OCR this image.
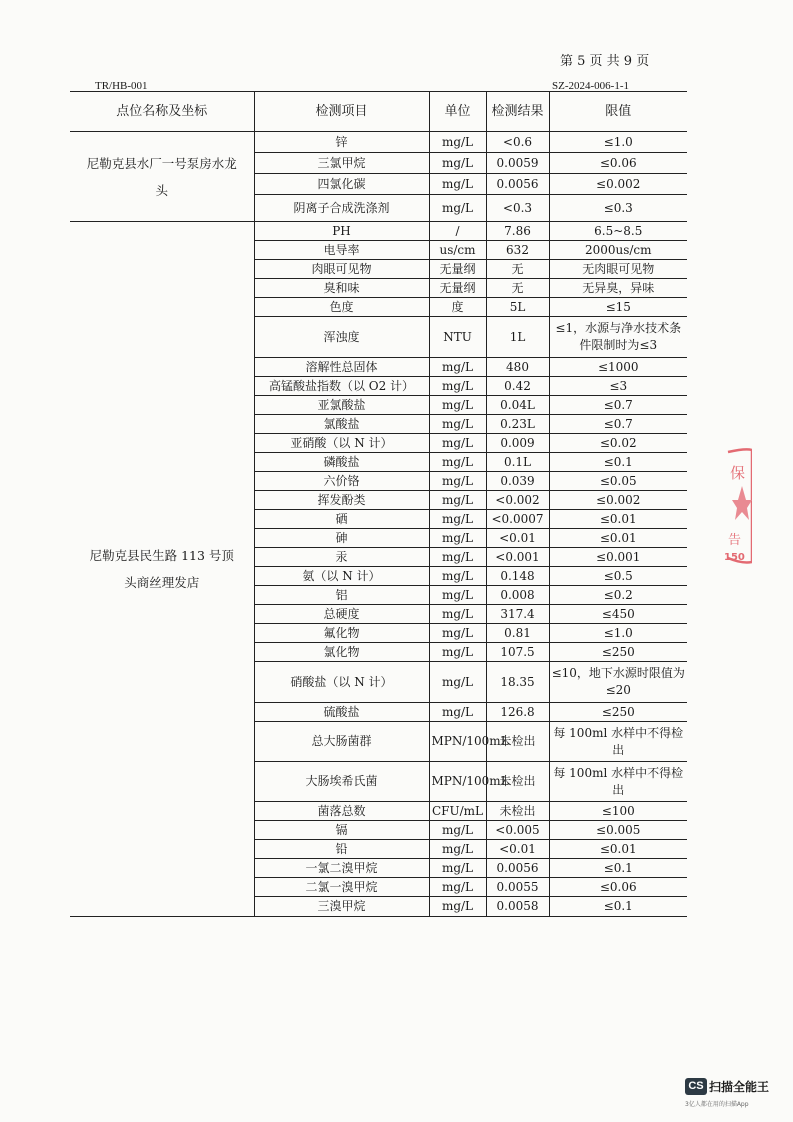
第 5 页 共 9 页
TR/HB-001	SZ-2024-006-1-1
点位名称及坐标	检测项目	单位	检测结果	限值
尼勒克县水厂一号泵房水龙头	锌	mg/L	<0.6	≤1.0
	三氯甲烷	mg/L	0.0059	≤0.06
	四氯化碳	mg/L	0.0056	≤0.002
	阴离子合成洗涤剂	mg/L	<0.3	≤0.3
尼勒克县民生路 113 号顶头商丝理发店	PH	/	7.86	6.5~8.5
	电导率	us/cm	632	2000us/cm
	肉眼可见物	无量纲	无	无肉眼可见物
	臭和味	无量纲	无	无异臭，异味
	色度	度	5L	≤15
	浑浊度	NTU	1L	≤1，水源与净水技术条件限制时为≤3
	溶解性总固体	mg/L	480	≤1000
	高锰酸盐指数（以 O2 计）	mg/L	0.42	≤3
	亚氯酸盐	mg/L	0.04L	≤0.7
	氯酸盐	mg/L	0.23L	≤0.7
	亚硝酸（以 N 计）	mg/L	0.009	≤0.02
	磷酸盐	mg/L	0.1L	≤0.1
	六价铬	mg/L	0.039	≤0.05
	挥发酚类	mg/L	<0.002	≤0.002
	硒	mg/L	<0.0007	≤0.01
	砷	mg/L	<0.01	≤0.01
	汞	mg/L	<0.001	≤0.001
	氨（以 N 计）	mg/L	0.148	≤0.5
	铝	mg/L	0.008	≤0.2
	总硬度	mg/L	317.4	≤450
	氟化物	mg/L	0.81	≤1.0
	氯化物	mg/L	107.5	≤250
	硝酸盐（以 N 计）	mg/L	18.35	≤10，地下水源时限值为≤20
	硫酸盐	mg/L	126.8	≤250
	总大肠菌群	MPN/100mL	未检出	每 100ml 水样中不得检出
	大肠埃希氏菌	MPN/100mL	未检出	每 100ml 水样中不得检出
	菌落总数	CFU/mL	未检出	≤100
	镉	mg/L	<0.005	≤0.005
	铅	mg/L	<0.01	≤0.01
	一氯二溴甲烷	mg/L	0.0056	≤0.1
	二氯一溴甲烷	mg/L	0.0055	≤0.06
	三溴甲烷	mg/L	0.0058	≤0.1
保
告
150
CS 扫描全能王
3亿人都在用的扫描App
